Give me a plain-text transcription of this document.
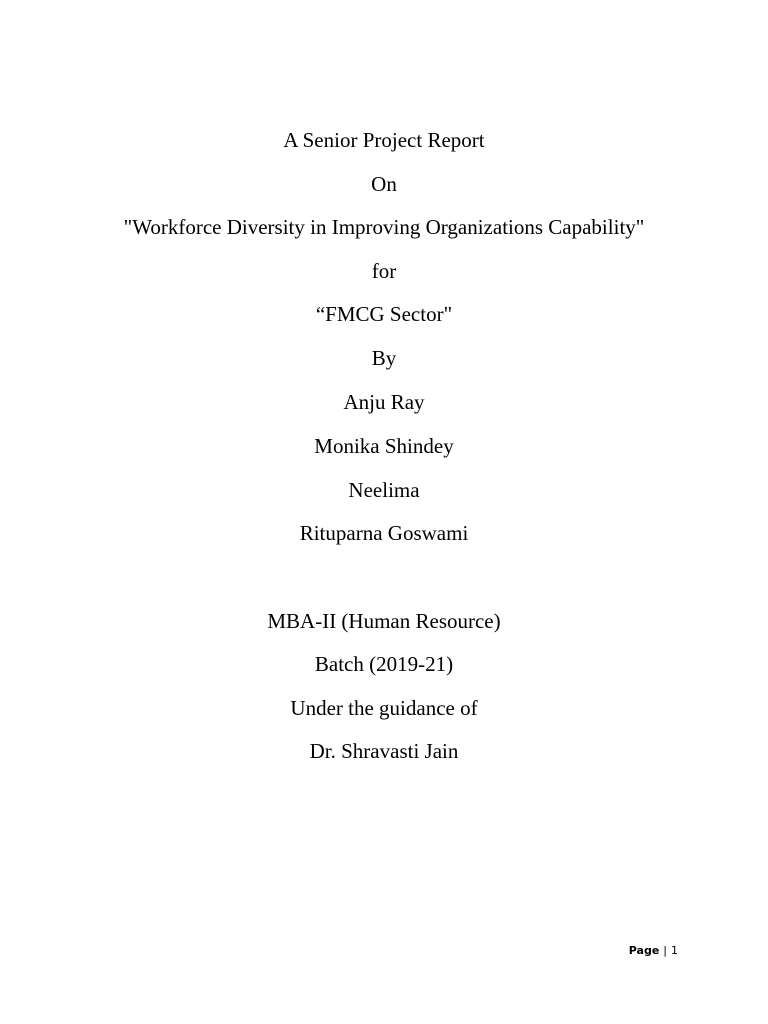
A Senior Project Report
On
"Workforce Diversity in Improving Organizations Capability"
for
“FMCG Sector"
By
Anju Ray
Monika Shindey
Neelima
Rituparna Goswami
MBA-II (Human Resource)
Batch (2019-21)
Under the guidance of
Dr. Shravasti Jain
Page | 1
